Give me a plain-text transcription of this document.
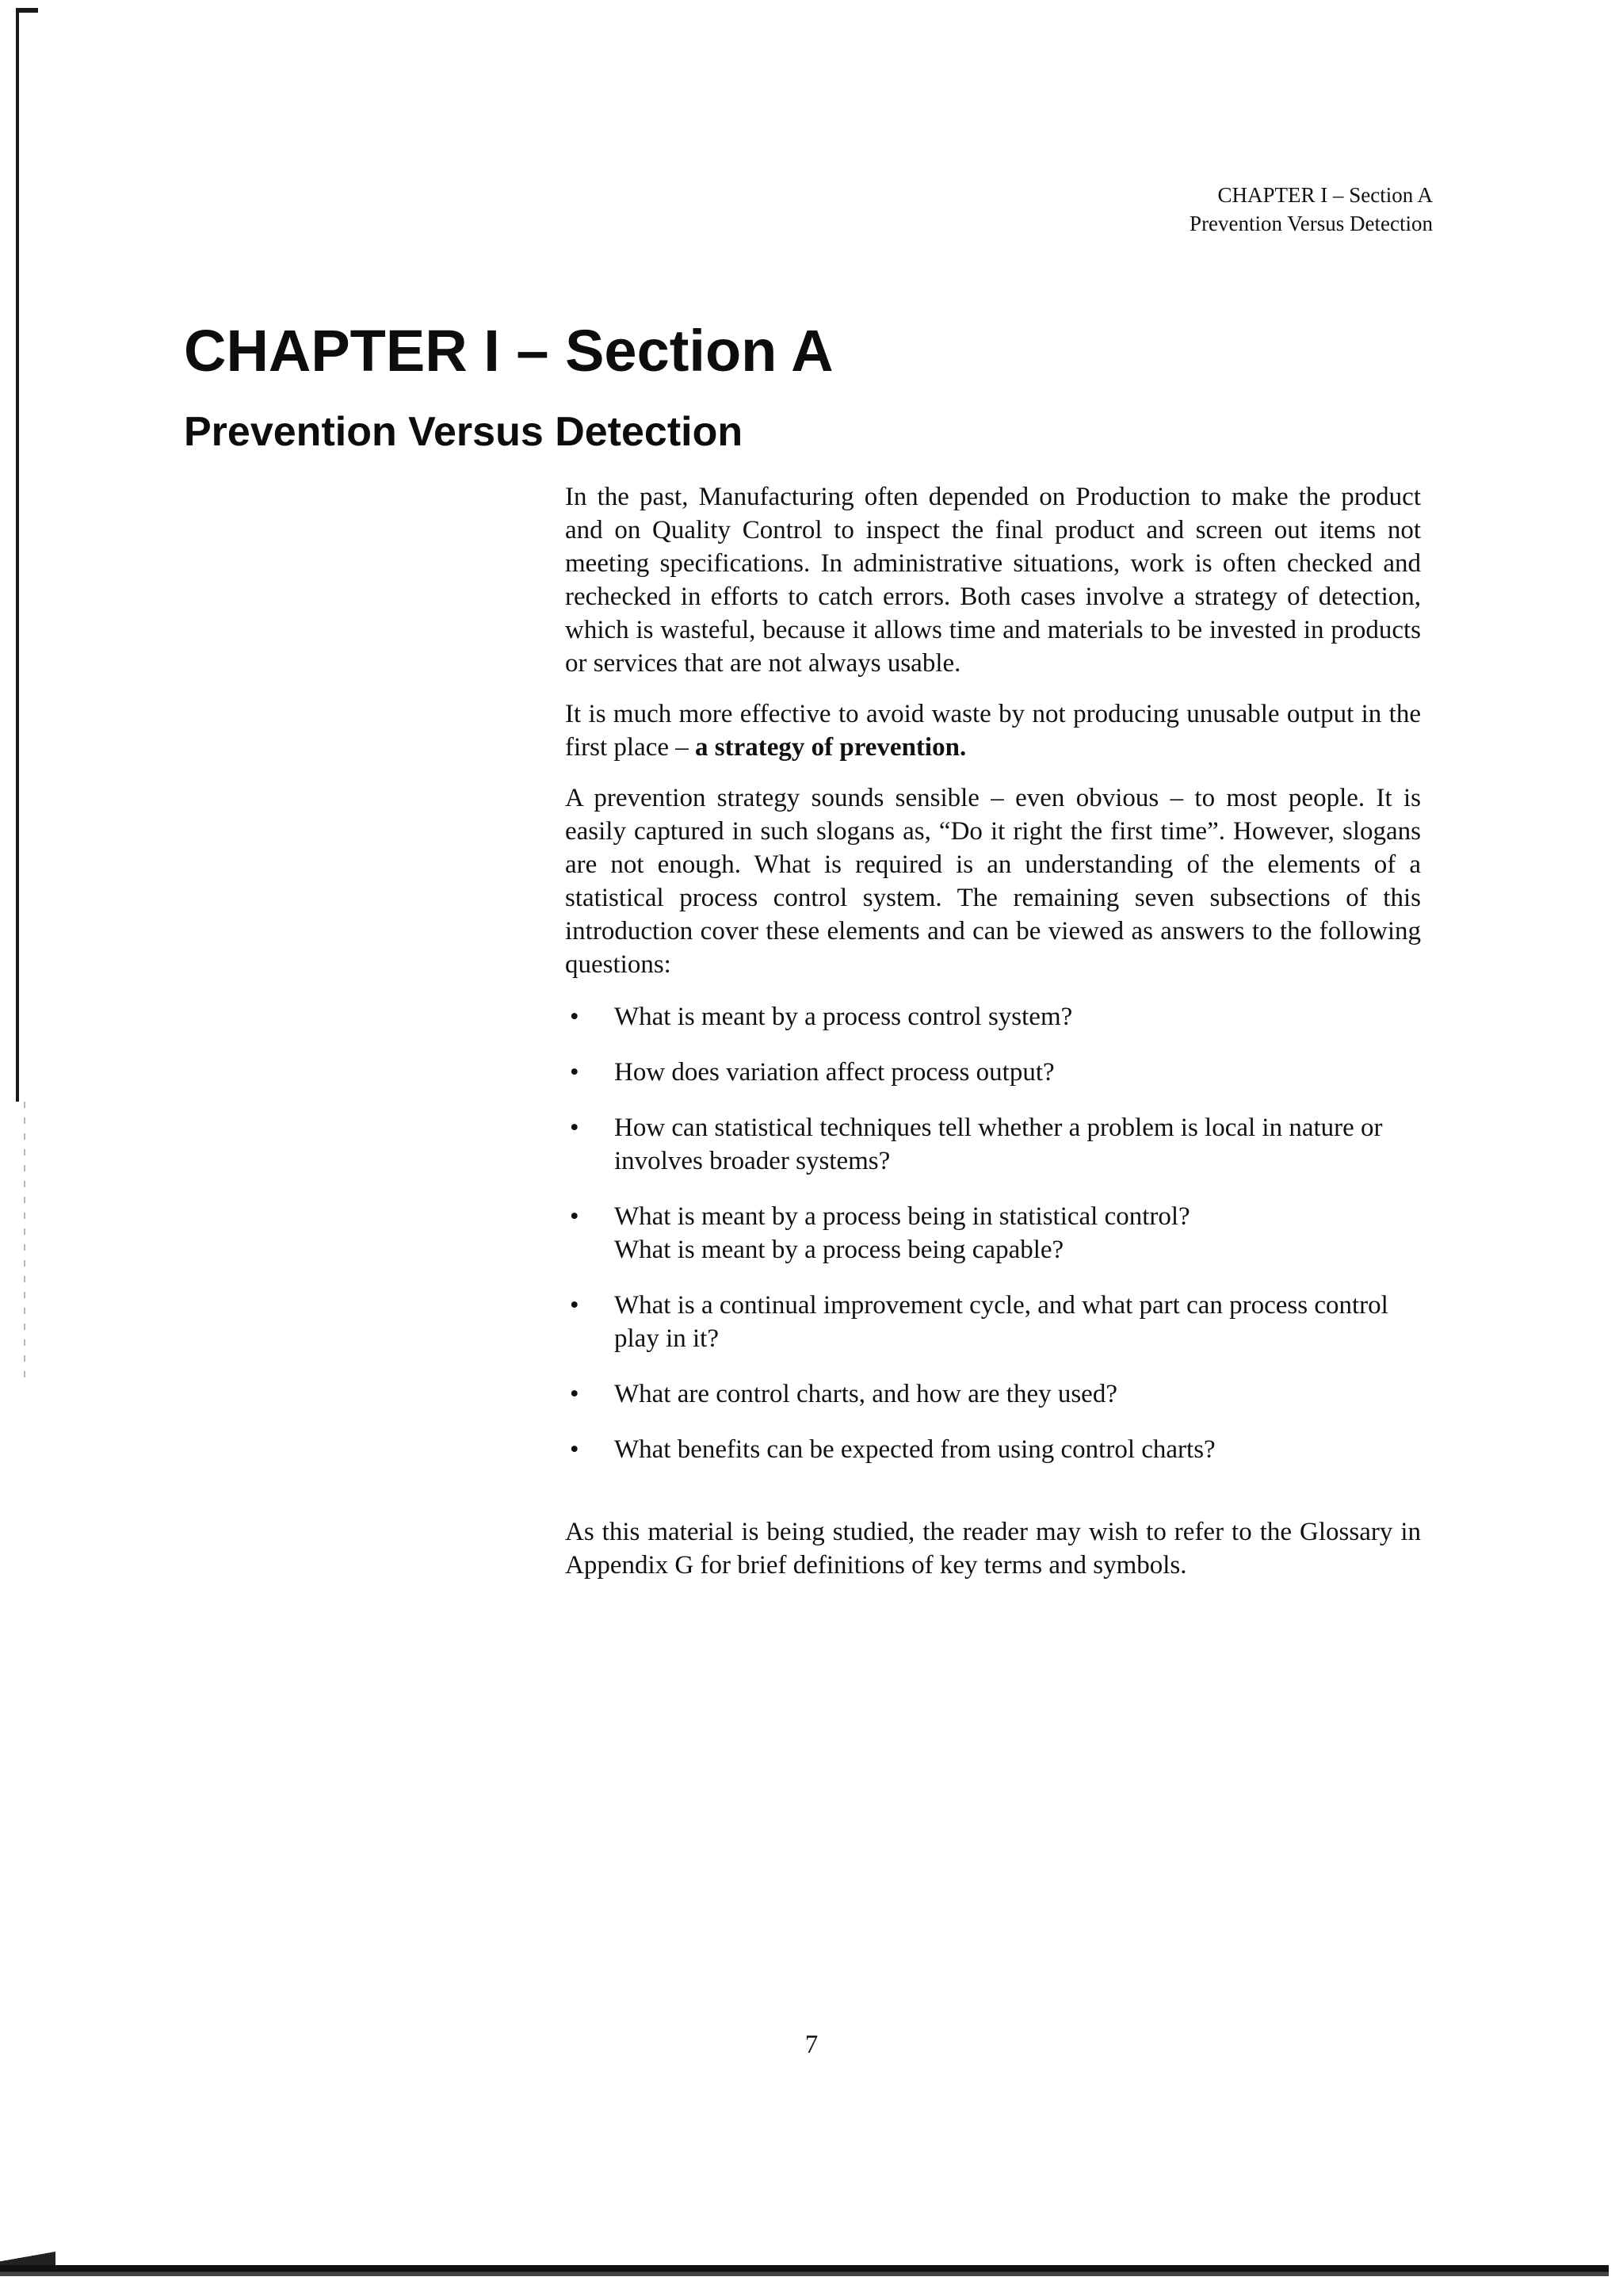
CHAPTER I – Section A
Prevention Versus Detection
CHAPTER I – Section A
Prevention Versus Detection

In the past, Manufacturing often depended on Production to make the product and on Quality Control to inspect the final product and screen out items not meeting specifications. In administrative situations, work is often checked and rechecked in efforts to catch errors. Both cases involve a strategy of detection, which is wasteful, because it allows time and materials to be invested in products or services that are not always usable.

It is much more effective to avoid waste by not producing unusable output in the first place – a strategy of prevention.

A prevention strategy sounds sensible – even obvious – to most people. It is easily captured in such slogans as, “Do it right the first time”. However, slogans are not enough. What is required is an understanding of the elements of a statistical process control system. The remaining seven subsections of this introduction cover these elements and can be viewed as answers to the following questions:

• What is meant by a process control system?
• How does variation affect process output?
• How can statistical techniques tell whether a problem is local in nature or involves broader systems?
• What is meant by a process being in statistical control?
What is meant by a process being capable?
• What is a continual improvement cycle, and what part can process control play in it?
• What are control charts, and how are they used?
• What benefits can be expected from using control charts?

As this material is being studied, the reader may wish to refer to the Glossary in Appendix G for brief definitions of key terms and symbols.

7
